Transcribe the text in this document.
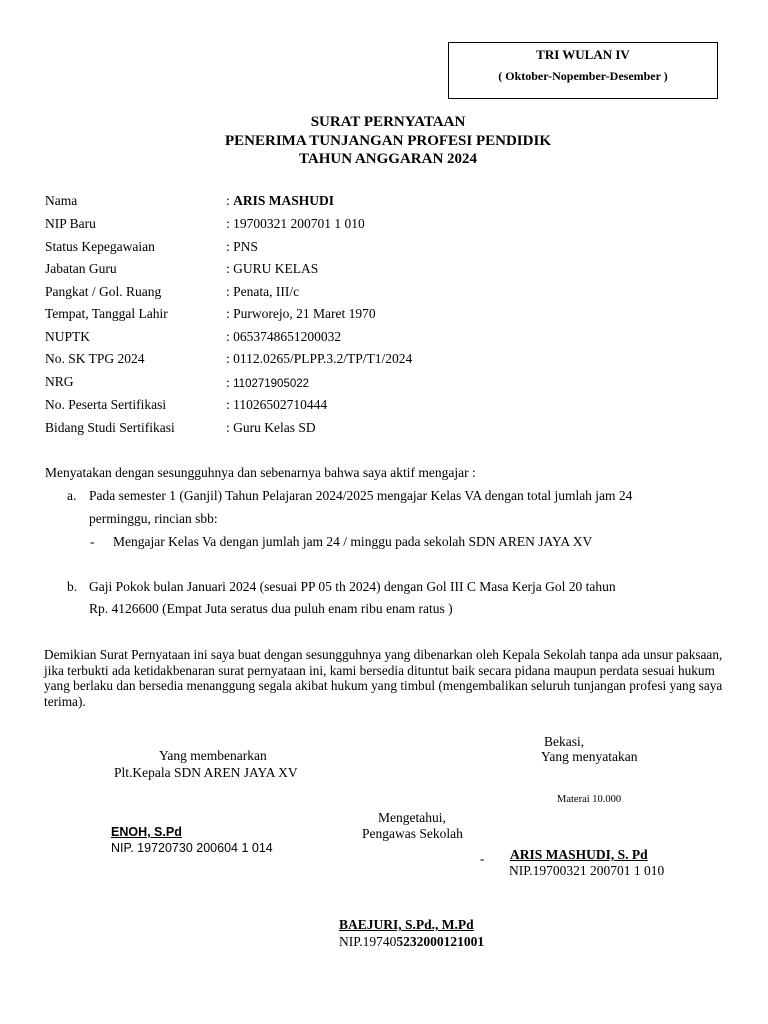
TRI WULAN IV
( Oktober-Nopember-Desember )
SURAT PERNYATAAN
PENERIMA TUNJANGAN PROFESI PENDIDIK
TAHUN ANGGARAN 2024
Nama	: ARIS MASHUDI
NIP Baru	: 19700321 200701 1 010
Status Kepegawaian	: PNS
Jabatan Guru	: GURU KELAS
Pangkat / Gol. Ruang	: Penata, III/c
Tempat, Tanggal Lahir	: Purworejo, 21 Maret 1970
NUPTK	: 0653748651200032
No. SK TPG 2024	: 0112.0265/PLPP.3.2/TP/T1/2024
NRG	: 110271905022
No. Peserta Sertifikasi	: 11026502710444
Bidang Studi Sertifikasi	: Guru Kelas SD
Menyatakan dengan sesungguhnya dan sebenarnya bahwa saya aktif mengajar :
a. Pada semester 1 (Ganjil) Tahun Pelajaran 2024/2025 mengajar Kelas VA dengan total jumlah jam 24
perminggu, rincian sbb:
- Mengajar Kelas Va dengan jumlah jam 24 / minggu pada sekolah SDN AREN JAYA XV
b. Gaji Pokok bulan Januari 2024 (sesuai PP 05 th 2024) dengan Gol III C Masa Kerja Gol 20 tahun
Rp. 4126600 (Empat Juta seratus dua puluh enam ribu enam ratus )
Demikian Surat Pernyataan ini saya buat dengan sesungguhnya yang dibenarkan oleh Kepala Sekolah tanpa ada unsur paksaan, jika terbukti ada ketidakbenaran surat pernyataan ini, kami bersedia dituntut baik secara pidana maupun perdata sesuai hukum yang berlaku dan bersedia menanggung segala akibat hukum yang timbul (mengembalikan seluruh tunjangan profesi yang saya terima).
Bekasi,
Yang menyatakan
Yang membenarkan
Plt.Kepala SDN AREN JAYA XV
Materai 10.000
Mengetahui,
Pengawas Sekolah
ENOH, S.Pd
NIP. 19720730 200604 1 014
- ARIS MASHUDI, S. Pd
NIP.19700321 200701 1 010
BAEJURI, S.Pd., M.Pd
NIP.197405232000121001
